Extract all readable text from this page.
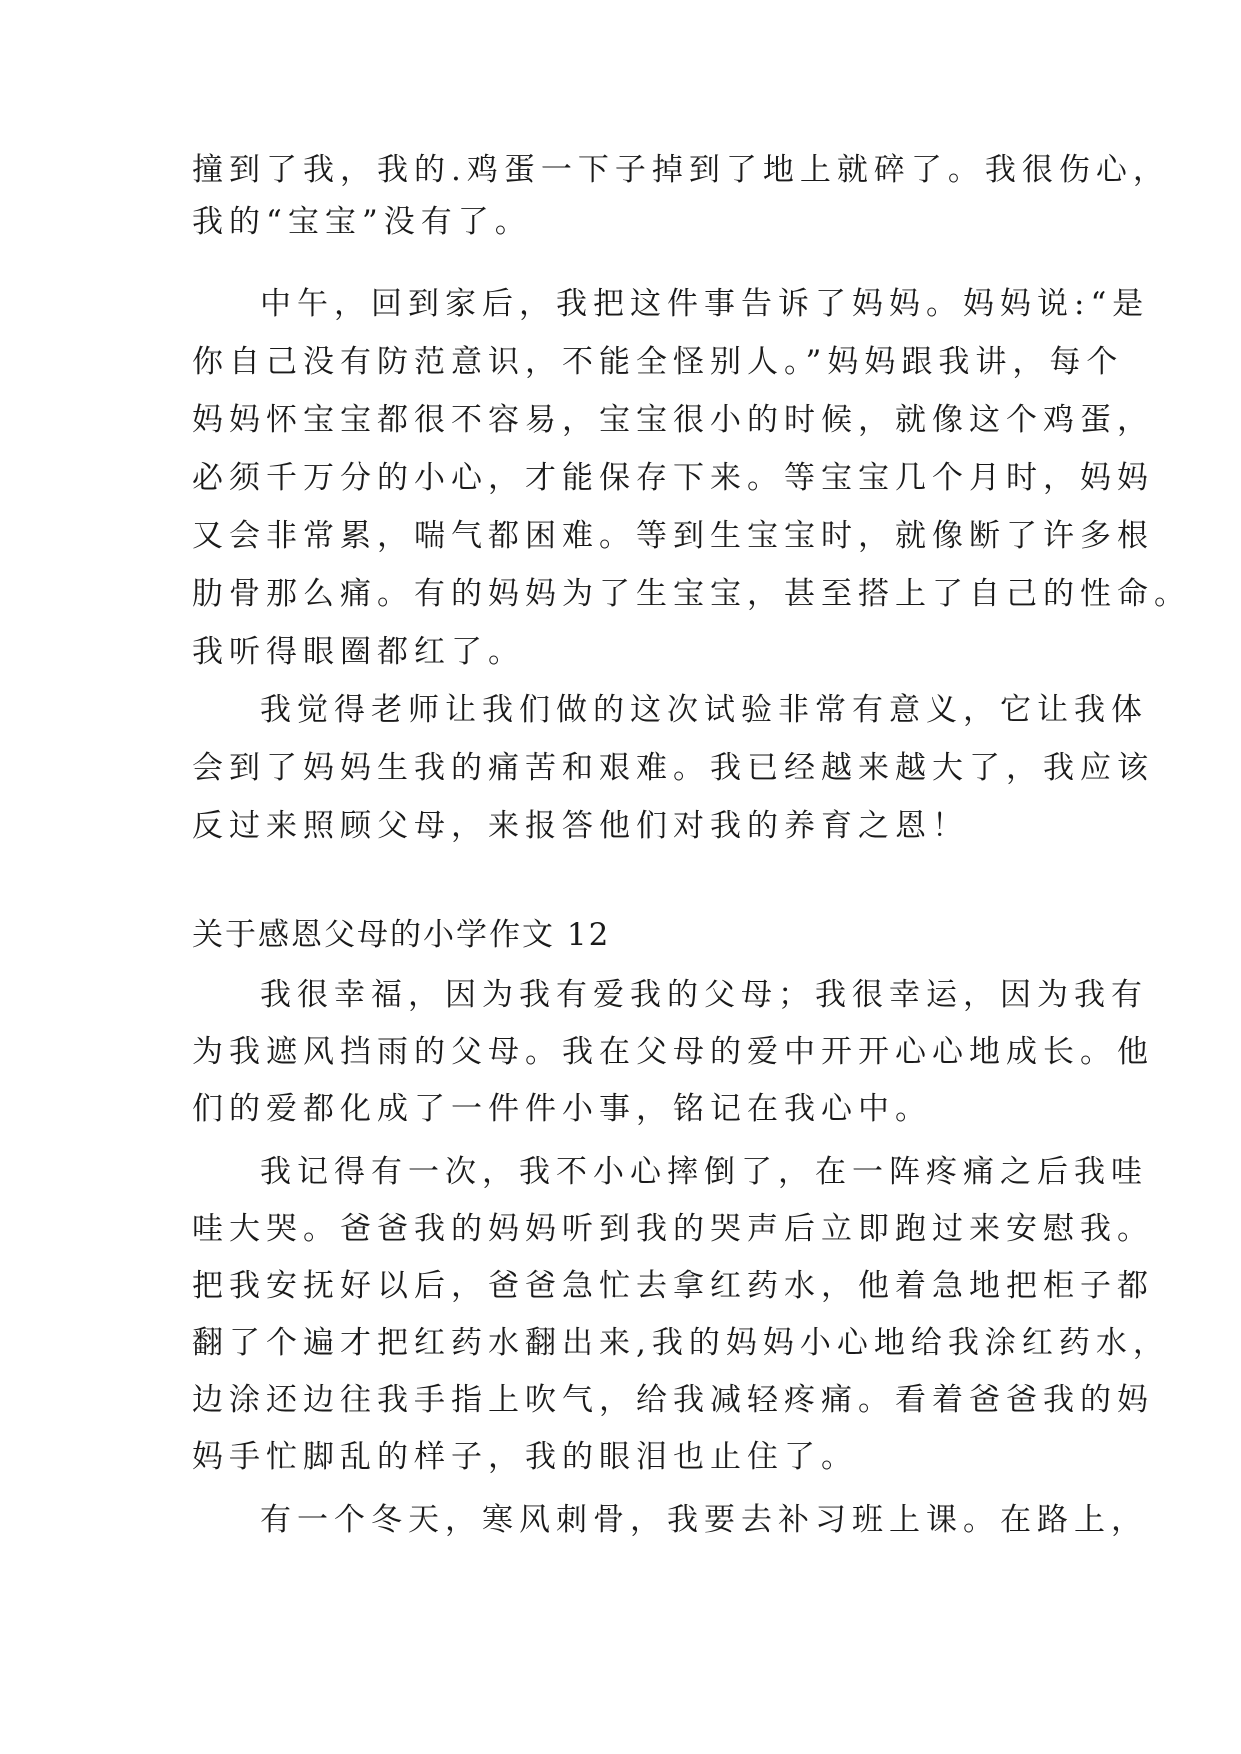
撞到了我，我的.鸡蛋一下子掉到了地上就碎了。我很伤心，
我的“宝宝”没有了。
中午，回到家后，我把这件事告诉了妈妈。妈妈说:“是
你自己没有防范意识，不能全怪别人。”妈妈跟我讲，每个
妈妈怀宝宝都很不容易，宝宝很小的时候，就像这个鸡蛋，
必须千万分的小心，才能保存下来。等宝宝几个月时，妈妈
又会非常累，喘气都困难。等到生宝宝时，就像断了许多根
肋骨那么痛。有的妈妈为了生宝宝，甚至搭上了自己的性命。
我听得眼圈都红了。
我觉得老师让我们做的这次试验非常有意义，它让我体
会到了妈妈生我的痛苦和艰难。我已经越来越大了，我应该
反过来照顾父母，来报答他们对我的养育之恩！
关于感恩父母的小学作文 12
我很幸福，因为我有爱我的父母；我很幸运，因为我有
为我遮风挡雨的父母。我在父母的爱中开开心心地成长。他
们的爱都化成了一件件小事，铭记在我心中。
我记得有一次，我不小心摔倒了，在一阵疼痛之后我哇
哇大哭。爸爸我的妈妈听到我的哭声后立即跑过来安慰我。
把我安抚好以后，爸爸急忙去拿红药水，他着急地把柜子都
翻了个遍才把红药水翻出来,我的妈妈小心地给我涂红药水，
边涂还边往我手指上吹气，给我减轻疼痛。看着爸爸我的妈
妈手忙脚乱的样子，我的眼泪也止住了。
有一个冬天，寒风刺骨，我要去补习班上课。在路上，
